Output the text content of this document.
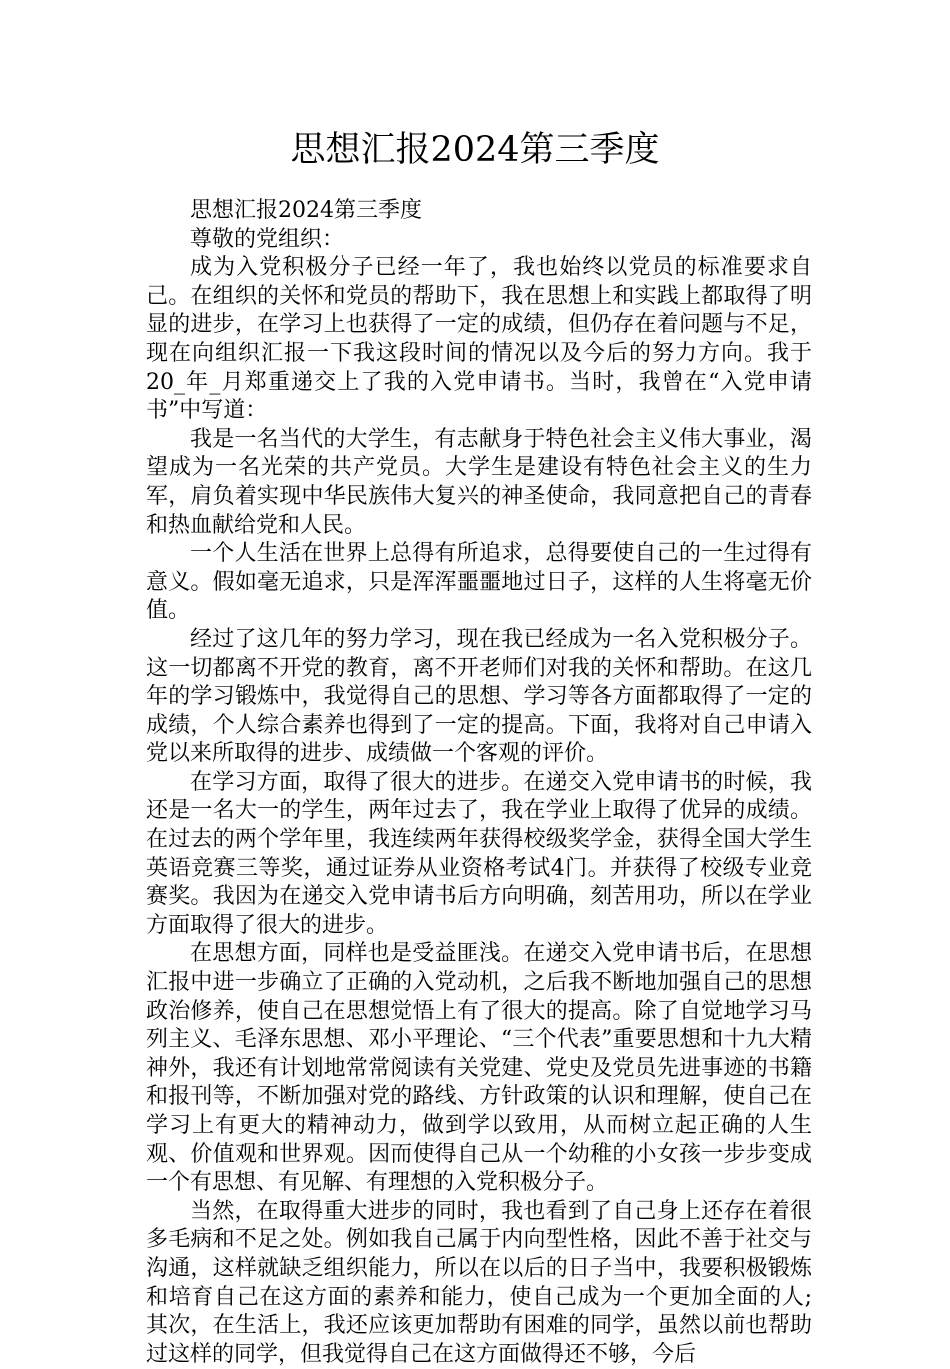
思想汇报2024第三季度

思想汇报2024第三季度

尊敬的党组织：

成为入党积极分子已经一年了，我也始终以党员的标准要求自己。在组织的关怀和党员的帮助下，我在思想上和实践上都取得了明显的进步，在学习上也获得了一定的成绩，但仍存在着问题与不足，现在向组织汇报一下我这段时间的情况以及今后的努力方向。我于20_年_月郑重递交上了我的入党申请书。当时，我曾在“入党申请书”中写道：

我是一名当代的大学生，有志献身于特色社会主义伟大事业，渴望成为一名光荣的共产党员。大学生是建设有特色社会主义的生力军，肩负着实现中华民族伟大复兴的神圣使命，我同意把自己的青春和热血献给党和人民。

一个人生活在世界上总得有所追求，总得要使自己的一生过得有意义。假如毫无追求，只是浑浑噩噩地过日子，这样的人生将毫无价值。

经过了这几年的努力学习，现在我已经成为一名入党积极分子。这一切都离不开党的教育，离不开老师们对我的关怀和帮助。在这几年的学习锻炼中，我觉得自己的思想、学习等各方面都取得了一定的成绩，个人综合素养也得到了一定的提高。下面，我将对自己申请入党以来所取得的进步、成绩做一个客观的评价。

在学习方面，取得了很大的进步。在递交入党申请书的时候，我还是一名大一的学生，两年过去了，我在学业上取得了优异的成绩。在过去的两个学年里，我连续两年获得校级奖学金，获得全国大学生英语竞赛三等奖，通过证券从业资格考试4门。并获得了校级专业竞赛奖。我因为在递交入党申请书后方向明确，刻苦用功，所以在学业方面取得了很大的进步。

在思想方面，同样也是受益匪浅。在递交入党申请书后，在思想汇报中进一步确立了正确的入党动机，之后我不断地加强自己的思想政治修养，使自己在思想觉悟上有了很大的提高。除了自觉地学习马列主义、毛泽东思想、邓小平理论、“三个代表”重要思想和十九大精神外，我还有计划地常常阅读有关党建、党史及党员先进事迹的书籍和报刊等，不断加强对党的路线、方针政策的认识和理解，使自己在学习上有更大的精神动力，做到学以致用，从而树立起正确的人生观、价值观和世界观。因而使得自己从一个幼稚的小女孩一步步变成一个有思想、有见解、有理想的入党积极分子。

当然，在取得重大进步的同时，我也看到了自己身上还存在着很多毛病和不足之处。例如我自己属于内向型性格，因此不善于社交与沟通，这样就缺乏组织能力，所以在以后的日子当中，我要积极锻炼和培育自己在这方面的素养和能力，使自己成为一个更加全面的人;其次，在生活上，我还应该更加帮助有困难的同学，虽然以前也帮助过这样的同学，但我觉得自己在这方面做得还不够，今后
